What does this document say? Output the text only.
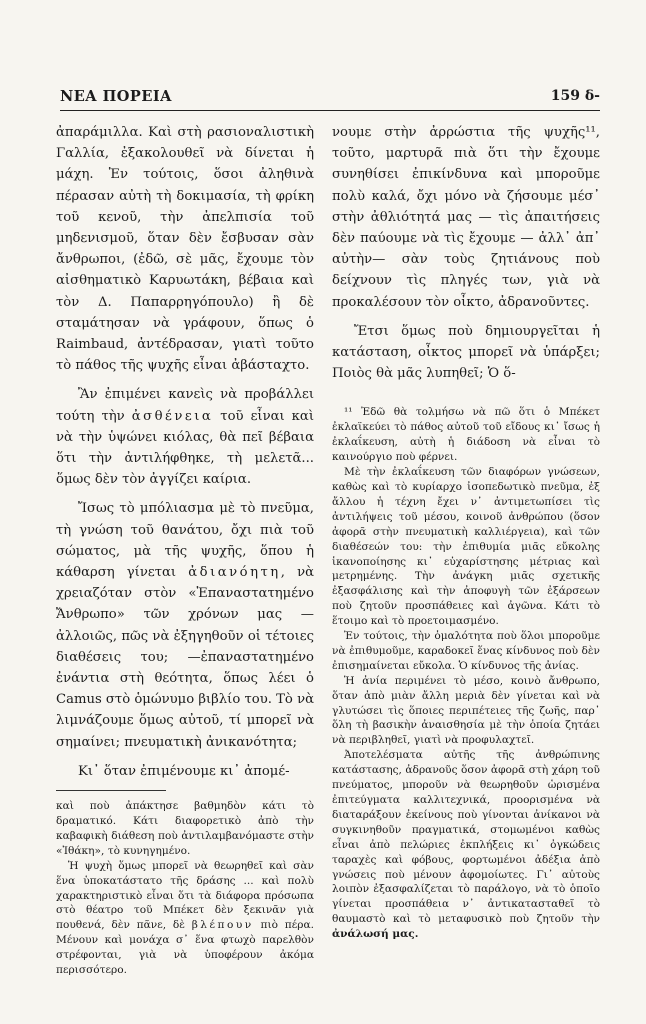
ΝΕΑ ΠΟΡΕΙΑ	159 δ-

ἀπαράμιλλα. Καὶ στὴ ρασιοναλιστικὴ Γαλλία, ἐξακολουθεῖ νὰ δίνεται ἡ μάχη. Ἐν τούτοις, ὅσοι ἀληθινὰ πέρασαν αὐτὴ τὴ δοκιμασία, τὴ φρίκη τοῦ κενοῦ, τὴν ἀπελπισία τοῦ μηδενισμοῦ, ὅταν δὲν ἔσβυσαν σὰν ἄνθρωποι, (ἐδῶ, σὲ μᾶς, ἔχουμε τὸν αἰσθηματικὸ Καρυωτάκη, βέβαια καὶ τὸν Δ. Παπαρρηγόπουλο) ἢ δὲ σταμάτησαν νὰ γράφουν, ὅπως ὁ Raimbaud, ἀντέδρασαν, γιατὶ τοῦτο τὸ πάθος τῆς ψυχῆς εἶναι ἀβάσταχτο.

Ἂν ἐπιμένει κανεὶς νὰ προβάλλει τούτη τὴν ἀσθένεια τοῦ εἶναι καὶ νὰ τὴν ὑψώνει κιόλας, θὰ πεῖ βέβαια ὅτι τὴν ἀντιλήφθηκε, τὴ μελετᾶ... ὅμως δὲν τὸν ἀγγίζει καίρια.

Ἴσως τὸ μπόλιασμα μὲ τὸ πνεῦμα, τὴ γνώση τοῦ θανάτου, ὄχι πιὰ τοῦ σώματος, μὰ τῆς ψυχῆς, ὅπου ἡ κάθαρση γίνεται ἀδιανόητη, νὰ χρειαζόταν στὸν «Ἐπαναστατημένο Ἄνθρωπο» τῶν χρόνων μας —ἀλλοιῶς, πῶς νὰ ἐξηγηθοῦν οἱ τέτοιες διαθέσεις του; —ἐπαναστατημένο ἐνάντια στὴ θεότητα, ὅπως λέει ὁ Camus στὸ ὁμώνυμο βιβλίο του. Τὸ νὰ λιμνάζουμε ὅμως αὐτοῦ, τί μπορεῖ νὰ σημαίνει; πνευματικὴ ἀνικανότητα;

Κι᾽ ὅταν ἐπιμένουμε κι᾽ ἀπομέ-

καὶ ποὺ ἀπάκτησε βαθμηδὸν κάτι τὸ δραματικό. Κάτι διαφορετικὸ ἀπὸ τὴν καβαφικὴ διάθεση ποὺ ἀντιλαμβανόμαστε στὴν «Ἰθάκη», τὸ κυνηγημένο.

Ἡ ψυχὴ ὅμως μπορεῖ νὰ θεωρηθεῖ καὶ σὰν ἕνα ὑποκατάστατο τῆς δράσης ... καὶ πολὺ χαρακτηριστικὸ εἶναι ὅτι τὰ διάφορα πρόσωπα στὸ θέατρο τοῦ Μπέκετ δὲν ξεκινᾶν γιὰ πουθενά, δὲν πᾶνε, δὲ βλέπουν πιὸ πέρα. Μένουν καὶ μονάχα σ᾽ ἕνα φτωχὸ παρελθὸν στρέφονται, γιὰ νὰ ὑποφέρουν ἀκόμα περισσότερο.

νουμε στὴν ἀρρώστια τῆς ψυχῆς¹¹, τοῦτο, μαρτυρᾶ πιὰ ὅτι τὴν ἔχουμε συνηθίσει ἐπικίνδυνα καὶ μποροῦμε πολὺ καλά, ὄχι μόνο νὰ ζήσουμε μέσ᾽ στὴν ἀθλιότητά μας — τὶς ἀπαιτήσεις δὲν παύουμε νὰ τὶς ἔχουμε — ἀλλ᾽ ἀπ᾽ αὐτὴν— σὰν τοὺς ζητιάνους ποὺ δείχνουν τὶς πληγές των, γιὰ νὰ προκαλέσουν τὸν οἶκτο, ἀδρανοῦντες.

Ἔτσι ὅμως ποὺ δημιουργεῖται ἡ κατάσταση, οἶκτος μπορεῖ νὰ ὑπάρξει; Ποιὸς θὰ μᾶς λυπηθεῖ; Ὁ ὅ-

¹¹ Ἐδῶ θὰ τολμήσω νὰ πῶ ὅτι ὁ Μπέκετ ἐκλαϊκεύει τὸ πάθος αὐτοῦ τοῦ εἴδους κι᾽ ἴσως ἡ ἐκλαΐκευση, αὐτὴ ἡ διάδοση νὰ εἶναι τὸ καινούργιο ποὺ φέρνει.

Μὲ τὴν ἐκλαΐκευση τῶν διαφόρων γνώσεων, καθὼς καὶ τὸ κυρίαρχο ἰσοπεδωτικὸ πνεῦμα, ἐξ ἄλλου ἡ τέχνη ἔχει ν᾽ ἀντιμετωπίσει τὶς ἀντιλήψεις τοῦ μέσου, κοινοῦ ἀνθρώπου (ὅσον ἀφορᾶ στὴν πνευματικὴ καλλιέργεια), καὶ τῶν διαθέσεών του: τὴν ἐπιθυμία μιᾶς εὔκολης ἱκανοποίησης κι᾽ εὐχαρίστησης μέτριας καὶ μετρημένης. Τὴν ἀνάγκη μιᾶς σχετικῆς ἐξασφάλισης καὶ τὴν ἀποφυγὴ τῶν ἐξάρσεων ποὺ ζητοῦν προσπάθειες καὶ ἀγῶνα. Κάτι τὸ ἕτοιμο καὶ τὸ προετοιμασμένο.

Ἐν τούτοις, τὴν ὁμαλότητα ποὺ ὅλοι μποροῦμε νὰ ἐπιθυμοῦμε, καραδοκεῖ ἕνας κίνδυνος ποὺ δὲν ἐπισημαίνεται εὔκολα. Ὁ κίνδυνος τῆς ἀνίας.

Ἡ ἀνία περιμένει τὸ μέσο, κοινὸ ἄνθρωπο, ὅταν ἀπὸ μιὰν ἄλλη μεριὰ δὲν γίνεται καὶ νὰ γλυτώσει τὶς ὅποιες περιπέτειες τῆς ζωῆς, παρ᾽ ὅλη τὴ βασικὴν ἀναισθησία μὲ τὴν ὁποία ζητάει νὰ περιβληθεῖ, γιατὶ νὰ προφυλαχτεῖ.

Ἀποτελέσματα αὐτῆς τῆς ἀνθρώπινης κατάστασης, ἀδρανοῦς ὅσον ἀφορᾶ στὴ χάρη τοῦ πνεύματος, μποροῦν νὰ θεωρηθοῦν ὡρισμένα ἐπιτεύγματα καλλιτεχνικά, προορισμένα νὰ διαταράξουν ἐκείνους ποὺ γίνονται ἀνίκανοι νὰ συγκινηθοῦν πραγματικά, στομωμένοι καθὼς εἶναι ἀπὸ πελώριες ἐκπλήξεις κι᾽ ὀγκώδεις ταραχὲς καὶ φόβους, φορτωμένοι ἀδέξια ἀπὸ γνώσεις ποὺ μένουν ἀφομοίωτες. Γι᾽ αὐτοὺς λοιπὸν ἐξασφαλίζεται τὸ παράλογο, νὰ τὸ ὁποῖο γίνεται προσπάθεια ν᾽ ἀντικατασταθεῖ τὸ θαυμαστὸ καὶ τὸ μεταφυσικὸ ποὺ ζητοῦν τὴν ἀνάλωσή μας.
